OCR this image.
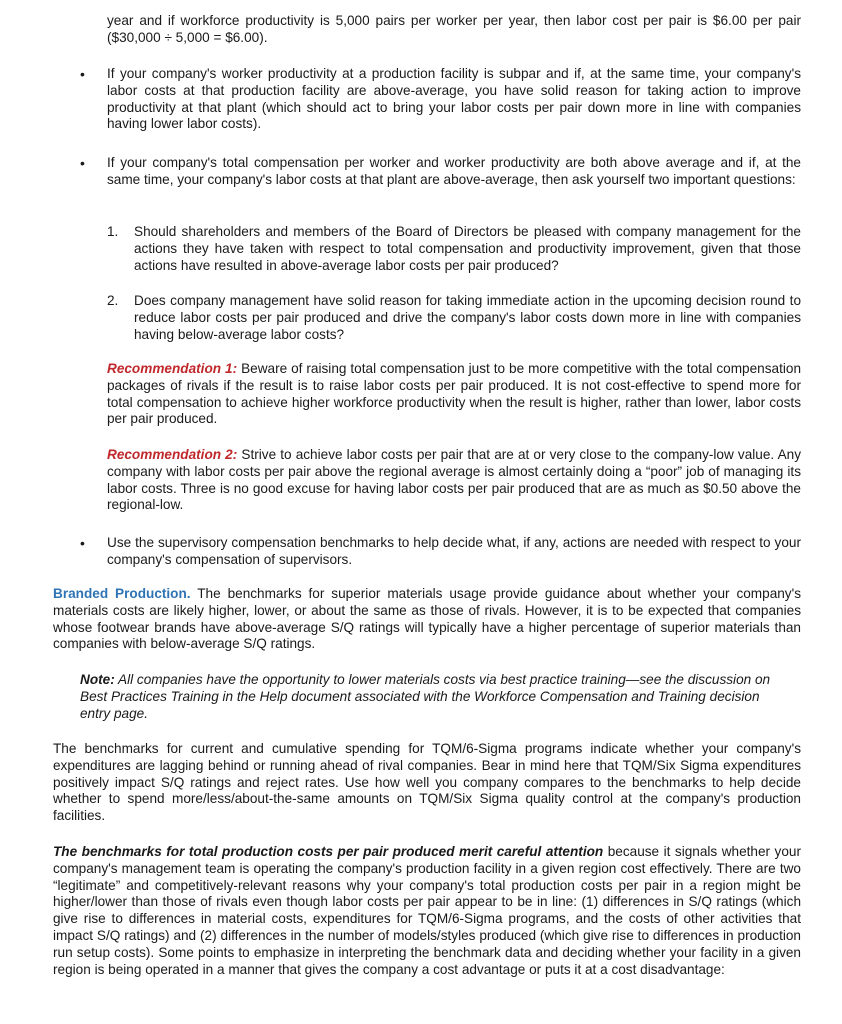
year and if workforce productivity is 5,000 pairs per worker per year, then labor cost per pair is $6.00 per pair ($30,000 ÷ 5,000 = $6.00).

•

If your company's worker productivity at a production facility is subpar and if, at the same time, your company's labor costs at that production facility are above-average, you have solid reason for taking action to improve productivity at that plant (which should act to bring your labor costs per pair down more in line with companies having lower labor costs).

•

If your company's total compensation per worker and worker productivity are both above average and if, at the same time, your company's labor costs at that plant are above-average, then ask yourself two important questions:

1.	Should shareholders and members of the Board of Directors be pleased with company management for the actions they have taken with respect to total compensation and productivity improvement, given that those actions have resulted in above-average labor costs per pair produced?

2.	Does company management have solid reason for taking immediate action in the upcoming decision round to reduce labor costs per pair produced and drive the company's labor costs down more in line with companies having below-average labor costs?

Recommendation 1: Beware of raising total compensation just to be more competitive with the total compensation packages of rivals if the result is to raise labor costs per pair produced. It is not cost-effective to spend more for total compensation to achieve higher workforce productivity when the result is higher, rather than lower, labor costs per pair produced.

Recommendation 2: Strive to achieve labor costs per pair that are at or very close to the company-low value. Any company with labor costs per pair above the regional average is almost certainly doing a “poor” job of managing its labor costs. Three is no good excuse for having labor costs per pair produced that are as much as $0.50 above the regional-low.

•

Use the supervisory compensation benchmarks to help decide what, if any, actions are needed with respect to your company's compensation of supervisors.

Branded Production. The benchmarks for superior materials usage provide guidance about whether your company's materials costs are likely higher, lower, or about the same as those of rivals. However, it is to be expected that companies whose footwear brands have above-average S/Q ratings will typically have a higher percentage of superior materials than companies with below-average S/Q ratings.

Note: All companies have the opportunity to lower materials costs via best practice training—see the discussion on Best Practices Training in the Help document associated with the Workforce Compensation and Training decision entry page.

The benchmarks for current and cumulative spending for TQM/6-Sigma programs indicate whether your company's expenditures are lagging behind or running ahead of rival companies. Bear in mind here that TQM/Six Sigma expenditures positively impact S/Q ratings and reject rates. Use how well you company compares to the benchmarks to help decide whether to spend more/less/about-the-same amounts on TQM/Six Sigma quality control at the company's production facilities.

The benchmarks for total production costs per pair produced merit careful attention because it signals whether your company's management team is operating the company's production facility in a given region cost effectively. There are two “legitimate” and competitively-relevant reasons why your company's total production costs per pair in a region might be higher/lower than those of rivals even though labor costs per pair appear to be in line: (1) differences in S/Q ratings (which give rise to differences in material costs, expenditures for TQM/6-Sigma programs, and the costs of other activities that impact S/Q ratings) and (2) differences in the number of models/styles produced (which give rise to differences in production run setup costs). Some points to emphasize in interpreting the benchmark data and deciding whether your facility in a given region is being operated in a manner that gives the company a cost advantage or puts it at a cost disadvantage:
